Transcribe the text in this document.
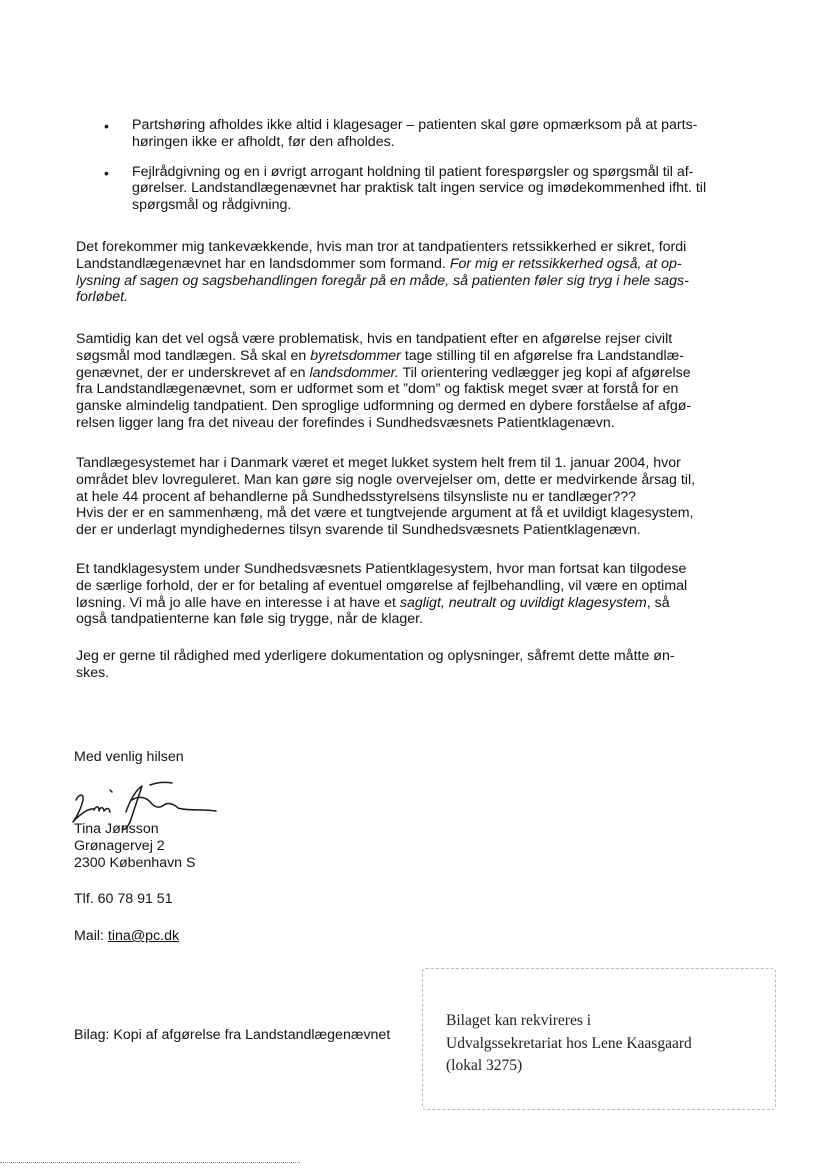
• Partshøring afholdes ikke altid i klagesager – patienten skal gøre opmærksom på at parts-
høringen ikke er afholdt, før den afholdes.
• Fejlrådgivning og en i øvrigt arrogant holdning til patient forespørgsler og spørgsmål til af-
gørelser. Landstandlægenævnet har praktisk talt ingen service og imødekommenhed ifht. til
spørgsmål og rådgivning.

Det forekommer mig tankevækkende, hvis man tror at tandpatienters retssikkerhed er sikret, fordi

Landstandlægenævnet har en landsdommer som formand. For mig er retssikkerhed også, at op-

lysning af sagen og sagsbehandlingen foregår på en måde, så patienten føler sig tryg i hele sags-

forløbet.

Samtidig kan det vel også være problematisk, hvis en tandpatient efter en afgørelse rejser civilt

søgsmål mod tandlægen. Så skal en byretsdommer tage stilling til en afgørelse fra Landstandlæ-

genævnet, der er underskrevet af en landsdommer. Til orientering vedlægger jeg kopi af afgørelse

fra Landstandlægenævnet, som er udformet som et ”dom” og faktisk meget svær at forstå for en

ganske almindelig tandpatient. Den sproglige udformning og dermed en dybere forståelse af afgø-

relsen ligger lang fra det niveau der forefindes i Sundhedsvæsnets Patientklagenævn.

Tandlægesystemet har i Danmark været et meget lukket system helt frem til 1. januar 2004, hvor

området blev lovreguleret. Man kan gøre sig nogle overvejelser om, dette er medvirkende årsag til,

at hele 44 procent af behandlerne på Sundhedsstyrelsens tilsynsliste nu er tandlæger???

Hvis der er en sammenhæng, må det være et tungtvejende argument at få et uvildigt klagesystem,

der er underlagt myndighedernes tilsyn svarende til Sundhedsvæsnets Patientklagenævn.

Et tandklagesystem under Sundhedsvæsnets Patientklagesystem, hvor man fortsat kan tilgodese

de særlige forhold, der er for betaling af eventuel omgørelse af fejlbehandling, vil være en optimal

løsning. Vi må jo alle have en interesse i at have et sagligt, neutralt og uvildigt klagesystem, så

også tandpatienterne kan føle sig trygge, når de klager.

Jeg er gerne til rådighed med yderligere dokumentation og oplysninger, såfremt dette måtte øn-

skes.

Med venlig hilsen
Tina Jønsson
Grønagervej 2
2300 København S
Tlf. 60 78 91 51
Mail: tina@pc.dk
Bilag: Kopi af afgørelse fra Landstandlægenævnet
Bilaget kan rekvireres i
Udvalgssekretariat hos Lene Kaasgaard
(lokal 3275)
